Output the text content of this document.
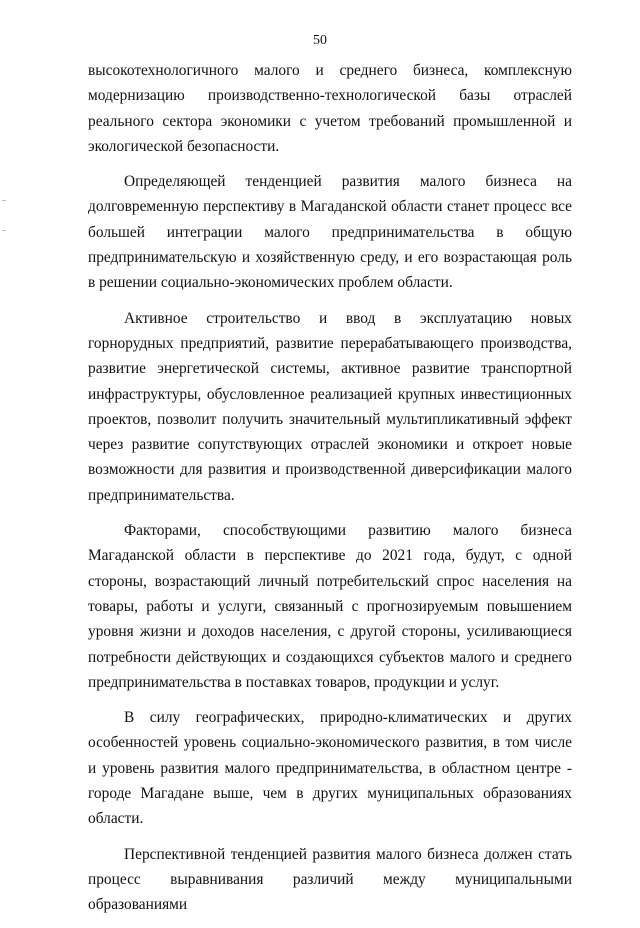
50

высокотехнологичного малого и среднего бизнеса, комплексную модернизацию производственно-технологической базы отраслей реального сектора экономики с учетом требований промышленной и экологической безопасности.

Определяющей тенденцией развития малого бизнеса на долговременную перспективу в Магаданской области станет процесс все большей интеграции малого предпринимательства в общую предпринимательскую и хозяйственную среду, и его возрастающая роль в решении социально-экономических проблем области.

Активное строительство и ввод в эксплуатацию новых горнорудных предприятий, развитие перерабатывающего производства, развитие энергетической системы, активное развитие транспортной инфраструктуры, обусловленное реализацией крупных инвестиционных проектов, позволит получить значительный мультипликативный эффект через развитие сопутствующих отраслей экономики и откроет новые возможности для развития и производственной диверсификации малого предпринимательства.

Факторами, способствующими развитию малого бизнеса Магаданской области в перспективе до 2021 года, будут, с одной стороны, возрастающий личный потребительский спрос населения на товары, работы и услуги, связанный с прогнозируемым повышением уровня жизни и доходов населения, с другой стороны, усиливающиеся потребности действующих и создающихся субъектов малого и среднего предпринимательства в поставках товаров, продукции и услуг.

В силу географических, природно-климатических и других особенностей уровень социально-экономического развития, в том числе и уровень развития малого предпринимательства, в областном центре - городе Магадане выше, чем в других муниципальных образованиях области.

Перспективной тенденцией развития малого бизнеса должен стать процесс выравнивания различий между муниципальными образованиями
